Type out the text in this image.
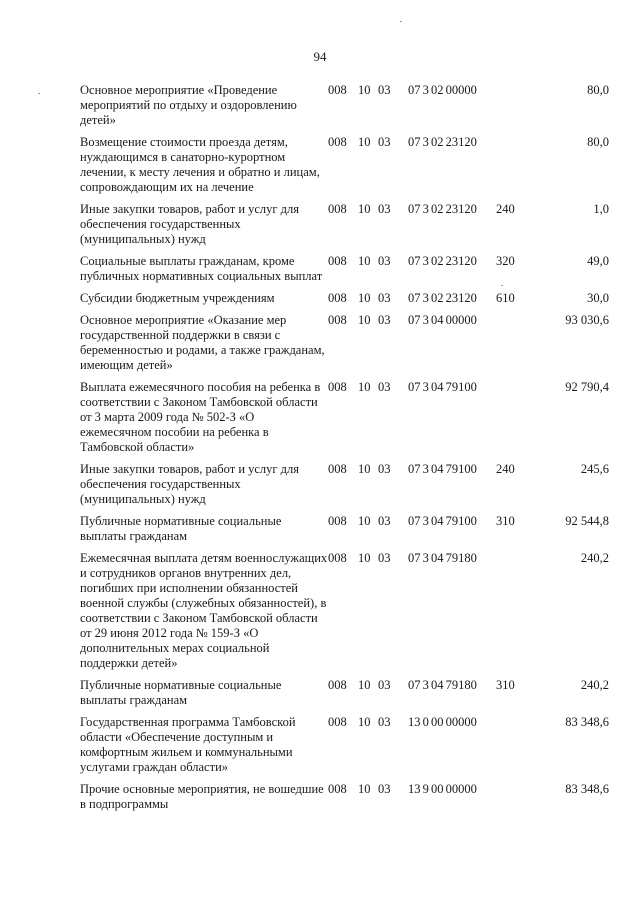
94
Основное мероприятие «Проведение мероприятий по отдыху и оздоровлению детей»	008	10	03	07 3 02 00000		80,0
Возмещение стоимости проезда детям, нуждающимся в санаторно-курортном лечении, к месту лечения и обратно и лицам, сопровождающим их на лечение	008	10	03	07 3 02 23120		80,0
Иные закупки товаров, работ и услуг для обеспечения государственных (муниципальных) нужд	008	10	03	07 3 02 23120	240	1,0
Социальные выплаты гражданам, кроме публичных нормативных социальных выплат	008	10	03	07 3 02 23120	320	49,0
Субсидии бюджетным учреждениям	008	10	03	07 3 02 23120	610	30,0
Основное мероприятие «Оказание мер государственной поддержки в связи с беременностью и родами, а также гражданам, имеющим детей»	008	10	03	07 3 04 00000		93 030,6
Выплата ежемесячного пособия на ребенка в соответствии с Законом Тамбовской области от 3 марта 2009 года № 502-З «О ежемесячном пособии на ребенка в Тамбовской области»	008	10	03	07 3 04 79100		92 790,4
Иные закупки товаров, работ и услуг для обеспечения государственных (муниципальных) нужд	008	10	03	07 3 04 79100	240	245,6
Публичные нормативные социальные выплаты гражданам	008	10	03	07 3 04 79100	310	92 544,8
Ежемесячная выплата детям военнослужащих и сотрудников органов внутренних дел, погибших при исполнении обязанностей военной службы (служебных обязанностей), в соответствии с Законом Тамбовской области от 29 июня 2012 года № 159-З «О дополнительных мерах социальной поддержки детей»	008	10	03	07 3 04 79180		240,2
Публичные нормативные социальные выплаты гражданам	008	10	03	07 3 04 79180	310	240,2
Государственная программа Тамбовской области «Обеспечение доступным и комфортным жильем и коммунальными услугами граждан области»	008	10	03	13 0 00 00000		83 348,6
Прочие основные мероприятия, не вошедшие в подпрограммы	008	10	03	13 9 00 00000		83 348,6
